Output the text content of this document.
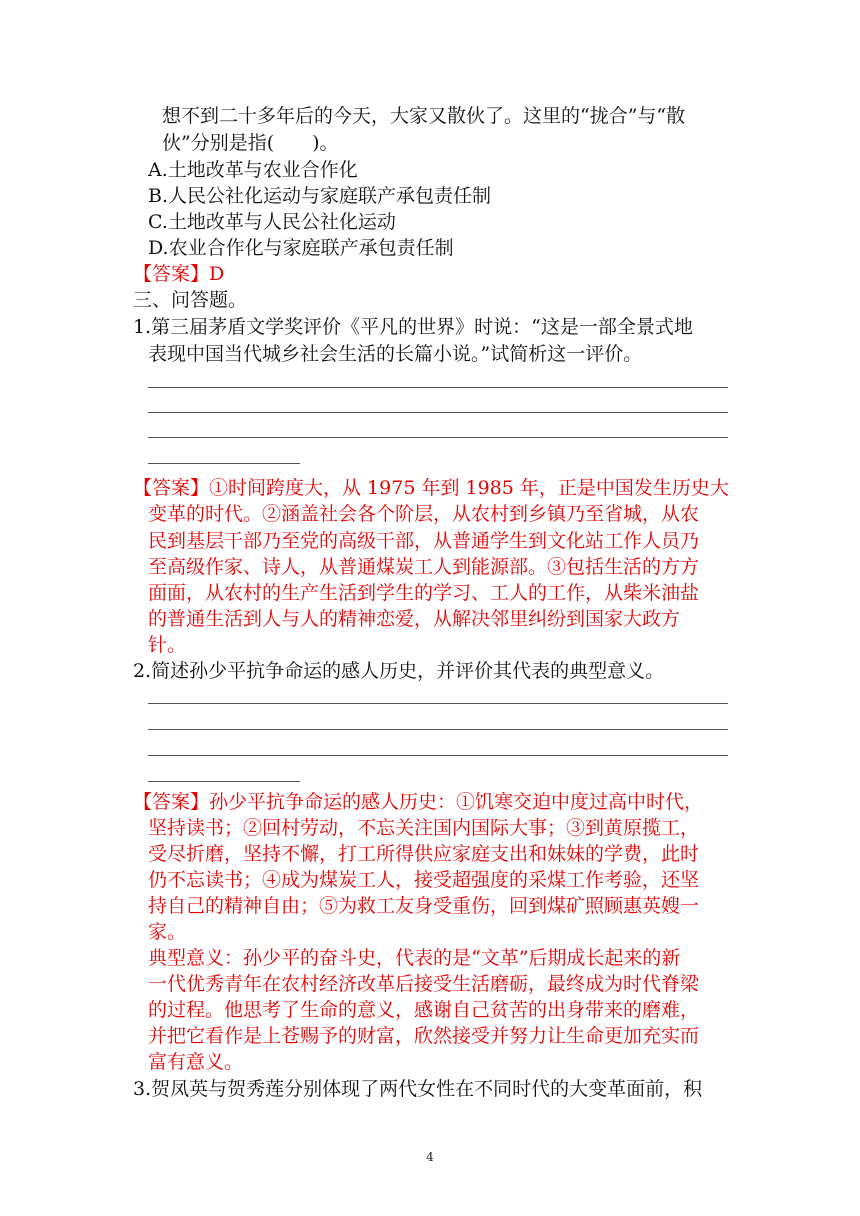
想不到二十多年后的今天，大家又散伙了。这里的“拢合”与“散
伙”分别是指(　　)。
A.土地改革与农业合作化
B.人民公社化运动与家庭联产承包责任制
C.土地改革与人民公社化运动
D.农业合作化与家庭联产承包责任制
【答案】D
三、问答题。
1.第三届茅盾文学奖评价《平凡的世界》时说：“这是一部全景式地
表现中国当代城乡社会生活的长篇小说。”试简析这一评价。
【答案】①时间跨度大，从 1975 年到 1985 年，正是中国发生历史大
变革的时代。②涵盖社会各个阶层，从农村到乡镇乃至省城，从农
民到基层干部乃至党的高级干部，从普通学生到文化站工作人员乃
至高级作家、诗人，从普通煤炭工人到能源部。③包括生活的方方
面面，从农村的生产生活到学生的学习、工人的工作，从柴米油盐
的普通生活到人与人的精神恋爱，从解决邻里纠纷到国家大政方
针。
2.简述孙少平抗争命运的感人历史，并评价其代表的典型意义。
【答案】孙少平抗争命运的感人历史：①饥寒交迫中度过高中时代，
坚持读书；②回村劳动，不忘关注国内国际大事；③到黄原揽工，
受尽折磨，坚持不懈，打工所得供应家庭支出和妹妹的学费，此时
仍不忘读书；④成为煤炭工人，接受超强度的采煤工作考验，还坚
持自己的精神自由；⑤为救工友身受重伤，回到煤矿照顾惠英嫂一
家。
典型意义：孙少平的奋斗史，代表的是“文革”后期成长起来的新
一代优秀青年在农村经济改革后接受生活磨砺，最终成为时代脊梁
的过程。他思考了生命的意义，感谢自己贫苦的出身带来的磨难，
并把它看作是上苍赐予的财富，欣然接受并努力让生命更加充实而
富有意义。
3.贺凤英与贺秀莲分别体现了两代女性在不同时代的大变革面前，积
4
